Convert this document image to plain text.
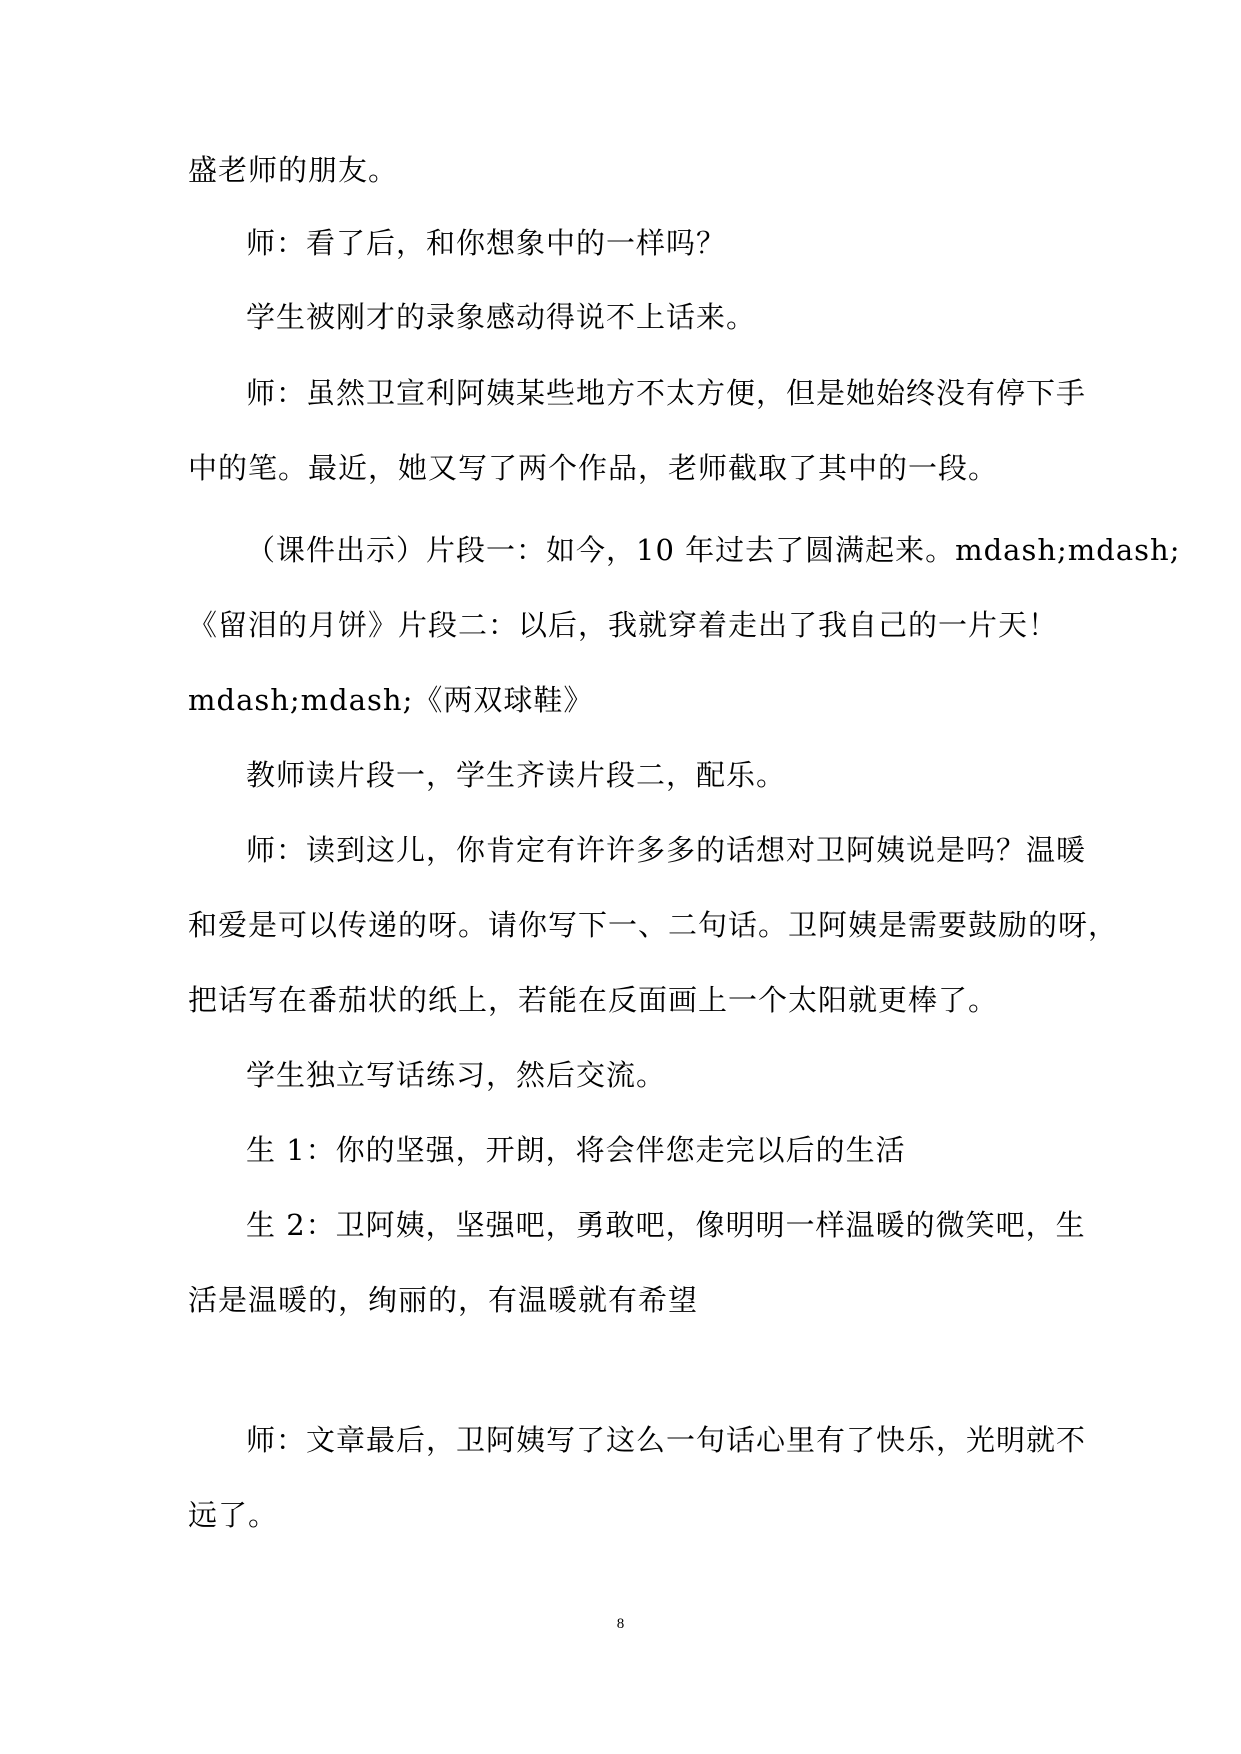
盛老师的朋友。
师：看了后，和你想象中的一样吗？
学生被刚才的录象感动得说不上话来。
师：虽然卫宣利阿姨某些地方不太方便，但是她始终没有停下手
中的笔。最近，她又写了两个作品，老师截取了其中的一段。
（课件出示）片段一：如今，10 年过去了圆满起来。mdash;mdash;
《留泪的月饼》片段二：以后，我就穿着走出了我自己的一片天！
mdash;mdash;《两双球鞋》
教师读片段一，学生齐读片段二，配乐。
师：读到这儿，你肯定有许许多多的话想对卫阿姨说是吗？温暖
和爱是可以传递的呀。请你写下一、二句话。卫阿姨是需要鼓励的呀，
把话写在番茄状的纸上，若能在反面画上一个太阳就更棒了。
学生独立写话练习，然后交流。
生 1：你的坚强，开朗，将会伴您走完以后的生活
生 2：卫阿姨，坚强吧，勇敢吧，像明明一样温暖的微笑吧，生
活是温暖的，绚丽的，有温暖就有希望
师：文章最后，卫阿姨写了这么一句话心里有了快乐，光明就不
远了。
8
